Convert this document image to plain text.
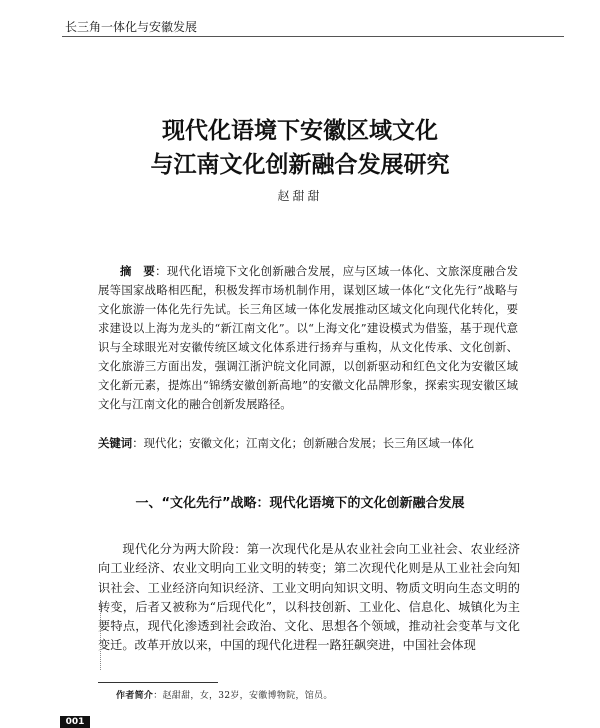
长三角一体化与安徽发展
现代化语境下安徽区域文化
与江南文化创新融合发展研究
赵甜甜
摘　要：现代化语境下文化创新融合发展，应与区域一体化、文旅深度融合发展等国家战略相匹配，积极发挥市场机制作用，谋划区域一体化“文化先行”战略与文化旅游一体化先行先试。长三角区域一体化发展推动区域文化向现代化转化，要求建设以上海为龙头的“新江南文化”。以“上海文化”建设模式为借鉴，基于现代意识与全球眼光对安徽传统区域文化体系进行扬弃与重构，从文化传承、文化创新、文化旅游三方面出发，强调江浙沪皖文化同源，以创新驱动和红色文化为安徽区域文化新元素，提炼出“锦绣安徽创新高地”的安徽文化品牌形象，探索实现安徽区域文化与江南文化的融合创新发展路径。
关键词：现代化；安徽文化；江南文化；创新融合发展；长三角区域一体化
一、“文化先行”战略：现代化语境下的文化创新融合发展

现代化分为两大阶段：第一次现代化是从农业社会向工业社会、农业经济向工业经济、农业文明向工业文明的转变；第二次现代化则是从工业社会向知识社会、工业经济向知识经济、工业文明向知识文明、物质文明向生态文明的转变，后者又被称为“后现代化”，以科技创新、工业化、信息化、城镇化为主要特点，现代化渗透到社会政治、文化、思想各个领域，推动社会变革与文化变迁。改革开放以来，中国的现代化进程一路狂飙突进，中国社会体现

作者简介：赵甜甜，女，32岁，安徽博物院，馆员。
001
